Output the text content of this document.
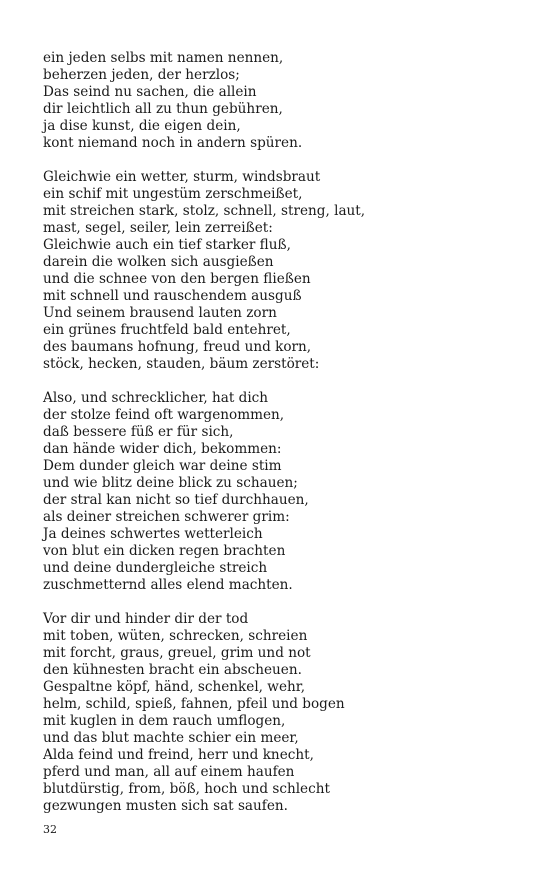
ein jeden selbs mit namen nennen,
beherzen jeden, der herzlos;
Das seind nu sachen, die allein
dir leichtlich all zu thun gebühren,
ja dise kunst, die eigen dein,
kont niemand noch in andern spüren.
Gleichwie ein wetter, sturm, windsbraut
ein schif mit ungestüm zerschmeißet,
mit streichen stark, stolz, schnell, streng, laut,
mast, segel, seiler, lein zerreißet:
Gleichwie auch ein tief starker fluß,
darein die wolken sich ausgießen
und die schnee von den bergen fließen
mit schnell und rauschendem ausguß
Und seinem brausend lauten zorn
ein grünes fruchtfeld bald entehret,
des baumans hofnung, freud und korn,
stöck, hecken, stauden, bäum zerstöret:
Also, und schrecklicher, hat dich
der stolze feind oft wargenommen,
daß bessere füß er für sich,
dan hände wider dich, bekommen:
Dem dunder gleich war deine stim
und wie blitz deine blick zu schauen;
der stral kan nicht so tief durchhauen,
als deiner streichen schwerer grim:
Ja deines schwertes wetterleich
von blut ein dicken regen brachten
und deine dundergleiche streich
zuschmetternd alles elend machten.
Vor dir und hinder dir der tod
mit toben, wüten, schrecken, schreien
mit forcht, graus, greuel, grim und not
den kühnesten bracht ein abscheuen.
Gespaltne köpf, händ, schenkel, wehr,
helm, schild, spieß, fahnen, pfeil und bogen
mit kuglen in dem rauch umflogen,
und das blut machte schier ein meer,
Alda feind und freind, herr und knecht,
pferd und man, all auf einem haufen
blutdürstig, from, böß, hoch und schlecht
gezwungen musten sich sat saufen.
32
